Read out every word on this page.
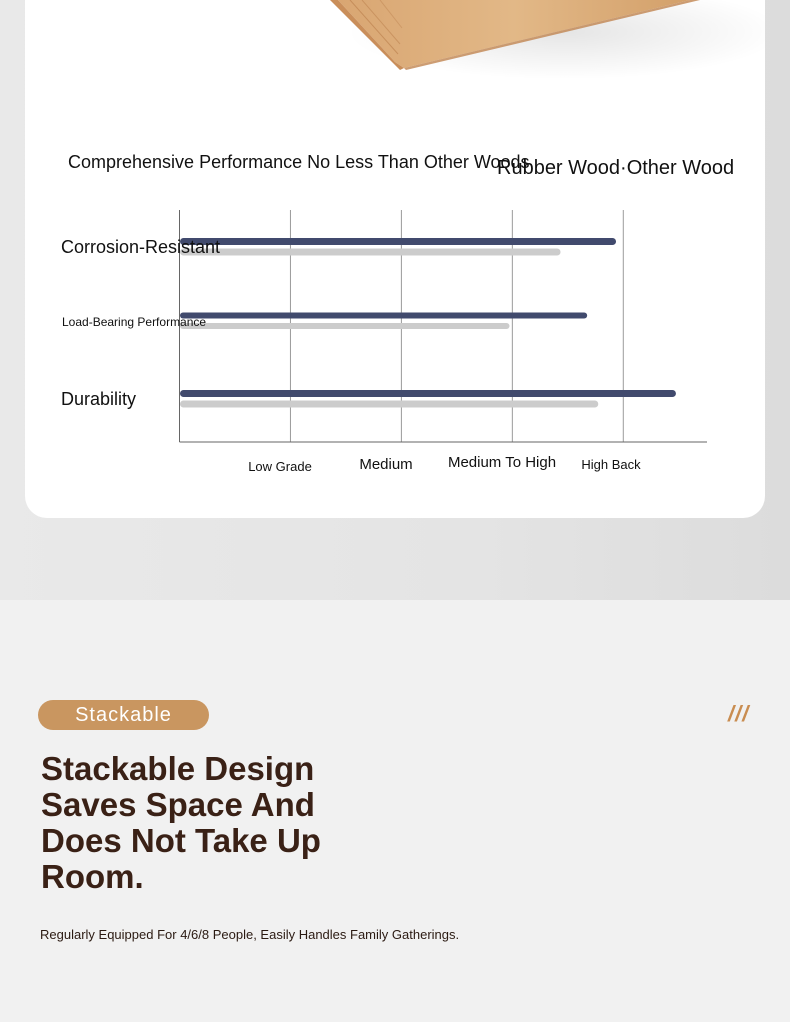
Comprehensive Performance No Less Than Other Woods
Rubber Wood·Other Wood
Corrosion-Resistant
Load-Bearing Performance
Durability
Low Grade	Medium Medium To High High Back
Stackable	///
Stackable Design Saves Space And Does Not Take Up Room.
Regularly Equipped For 4/6/8 People, Easily Handles Family Gatherings.
